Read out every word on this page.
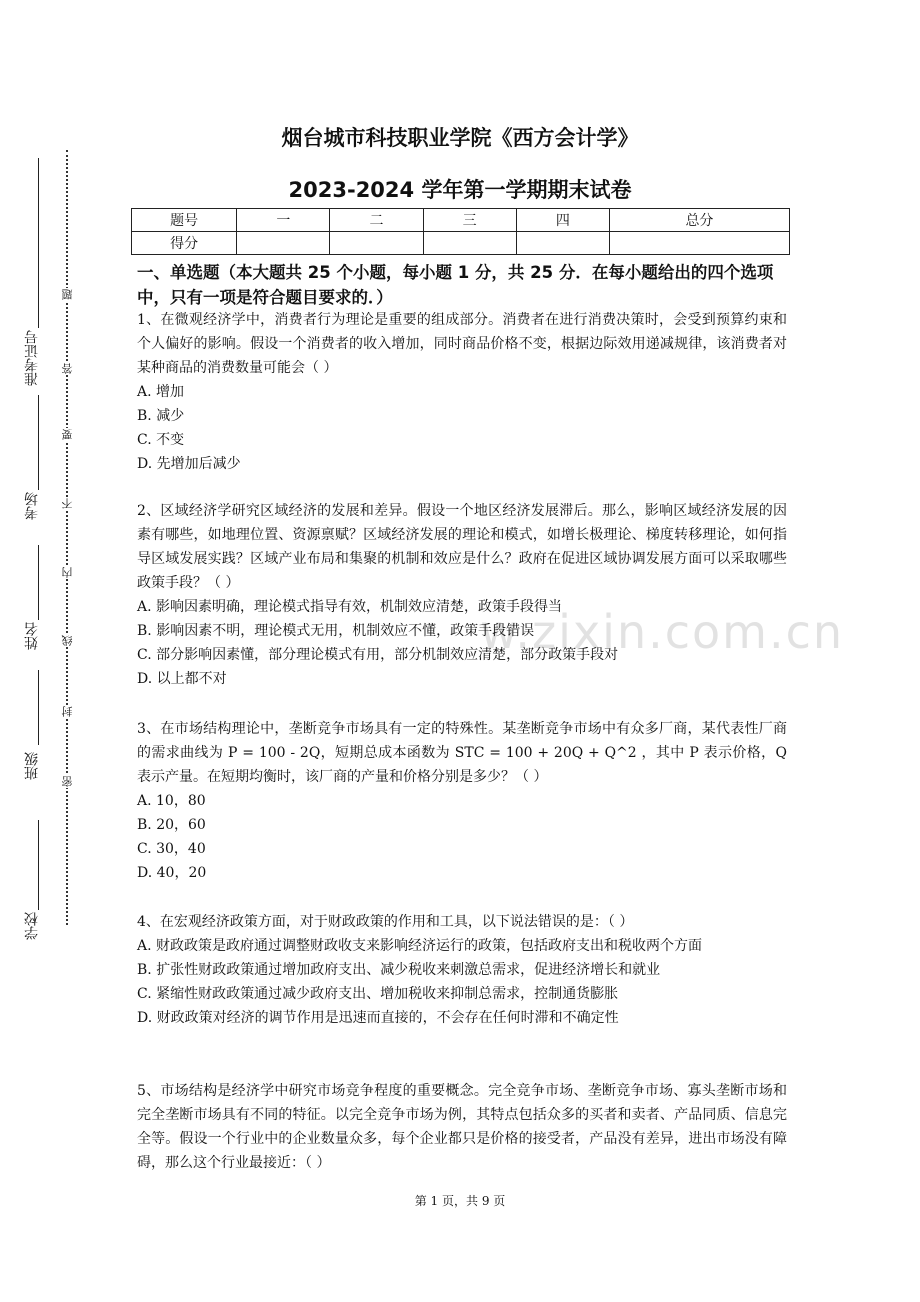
准考证号
考场
姓名
班级
学校
题
答
要
不
内
线
封
密
w.zixin.com.cn
烟台城市科技职业学院《西方会计学》
2023-2024 学年第一学期期末试卷
题号	一	二	三	四	总分
得分					
一、单选题（本大题共 25 个小题，每小题 1 分，共 25 分．在每小题给出的四个选项中，只有一项是符合题目要求的．）

1、在微观经济学中，消费者行为理论是重要的组成部分。消费者在进行消费决策时，会受到预算约束和个人偏好的影响。假设一个消费者的收入增加，同时商品价格不变，根据边际效用递减规律，该消费者对某种商品的消费数量可能会（ ）

A. 增加

B. 减少

C. 不变

D. 先增加后减少

2、区域经济学研究区域经济的发展和差异。假设一个地区经济发展滞后。那么，影响区域经济发展的因素有哪些，如地理位置、资源禀赋？区域经济发展的理论和模式，如增长极理论、梯度转移理论，如何指导区域发展实践？区域产业布局和集聚的机制和效应是什么？政府在促进区域协调发展方面可以采取哪些政策手段？（ ）

A. 影响因素明确，理论模式指导有效，机制效应清楚，政策手段得当

B. 影响因素不明，理论模式无用，机制效应不懂，政策手段错误

C. 部分影响因素懂，部分理论模式有用，部分机制效应清楚，部分政策手段对

D. 以上都不对

3、在市场结构理论中，垄断竞争市场具有一定的特殊性。某垄断竞争市场中有众多厂商，某代表性厂商的需求曲线为 P = 100 - 2Q，短期总成本函数为 STC = 100 + 20Q + Q^2 ，其中 P 表示价格，Q 表示产量。在短期均衡时，该厂商的产量和价格分别是多少？（ ）

A. 10，80

B. 20，60

C. 30，40

D. 40，20

4、在宏观经济政策方面，对于财政政策的作用和工具，以下说法错误的是：（ ）

A. 财政政策是政府通过调整财政收支来影响经济运行的政策，包括政府支出和税收两个方面

B. 扩张性财政政策通过增加政府支出、减少税收来刺激总需求，促进经济增长和就业

C. 紧缩性财政政策通过减少政府支出、增加税收来抑制总需求，控制通货膨胀

D. 财政政策对经济的调节作用是迅速而直接的，不会存在任何时滞和不确定性

5、市场结构是经济学中研究市场竞争程度的重要概念。完全竞争市场、垄断竞争市场、寡头垄断市场和完全垄断市场具有不同的特征。以完全竞争市场为例，其特点包括众多的买者和卖者、产品同质、信息完全等。假设一个行业中的企业数量众多，每个企业都只是价格的接受者，产品没有差异，进出市场没有障碍，那么这个行业最接近：（ ）

第 1 页，共 9 页
